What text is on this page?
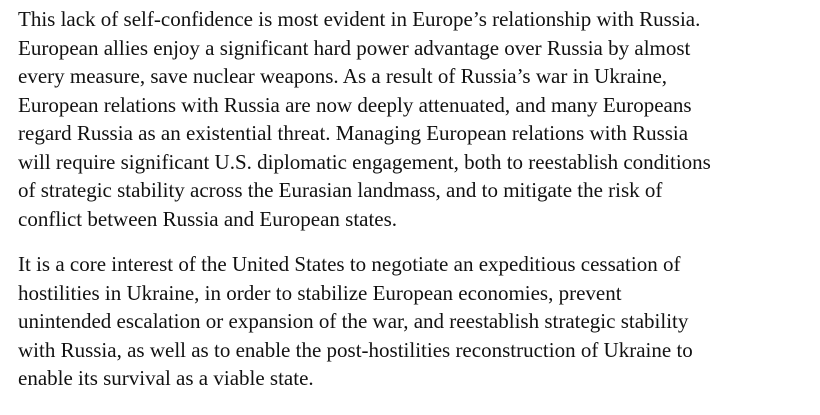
This lack of self-confidence is most evident in Europe’s relationship with Russia.
European allies enjoy a significant hard power advantage over Russia by almost
every measure, save nuclear weapons. As a result of Russia’s war in Ukraine,
European relations with Russia are now deeply attenuated, and many Europeans
regard Russia as an existential threat. Managing European relations with Russia
will require significant U.S. diplomatic engagement, both to reestablish conditions
of strategic stability across the Eurasian landmass, and to mitigate the risk of
conflict between Russia and European states.

It is a core interest of the United States to negotiate an expeditious cessation of
hostilities in Ukraine, in order to stabilize European economies, prevent
unintended escalation or expansion of the war, and reestablish strategic stability
with Russia, as well as to enable the post-hostilities reconstruction of Ukraine to
enable its survival as a viable state.
